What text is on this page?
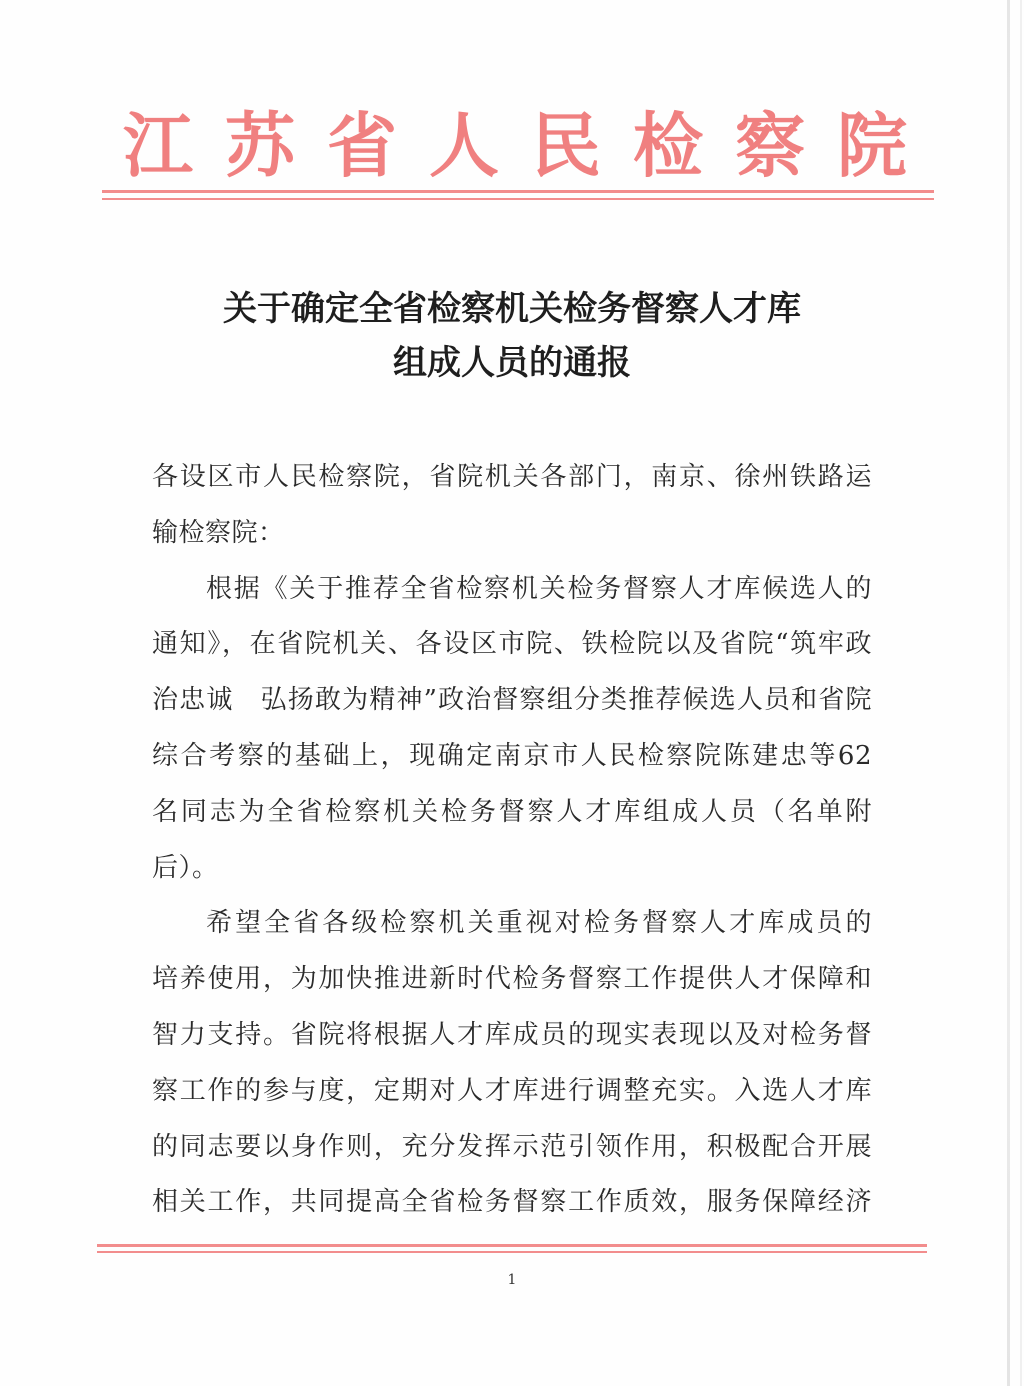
江 苏 省 人 民 检 察 院
关于确定全省检察机关检务督察人才库
组成人员的通报
各设区市人民检察院，省院机关各部门，南京、徐州铁路运
输检察院：
根据《关于推荐全省检察机关检务督察人才库候选人的
通知》，在省院机关、各设区市院、铁检院以及省院“筑牢政
治忠诚　弘扬敢为精神”政治督察组分类推荐候选人员和省院
综合考察的基础上，现确定南京市人民检察院陈建忠等62
名同志为全省检察机关检务督察人才库组成人员（名单附
后）。
希望全省各级检察机关重视对检务督察人才库成员的
培养使用，为加快推进新时代检务督察工作提供人才保障和
智力支持。省院将根据人才库成员的现实表现以及对检务督
察工作的参与度，定期对人才库进行调整充实。入选人才库
的同志要以身作则，充分发挥示范引领作用，积极配合开展
相关工作，共同提高全省检务督察工作质效，服务保障经济
1
